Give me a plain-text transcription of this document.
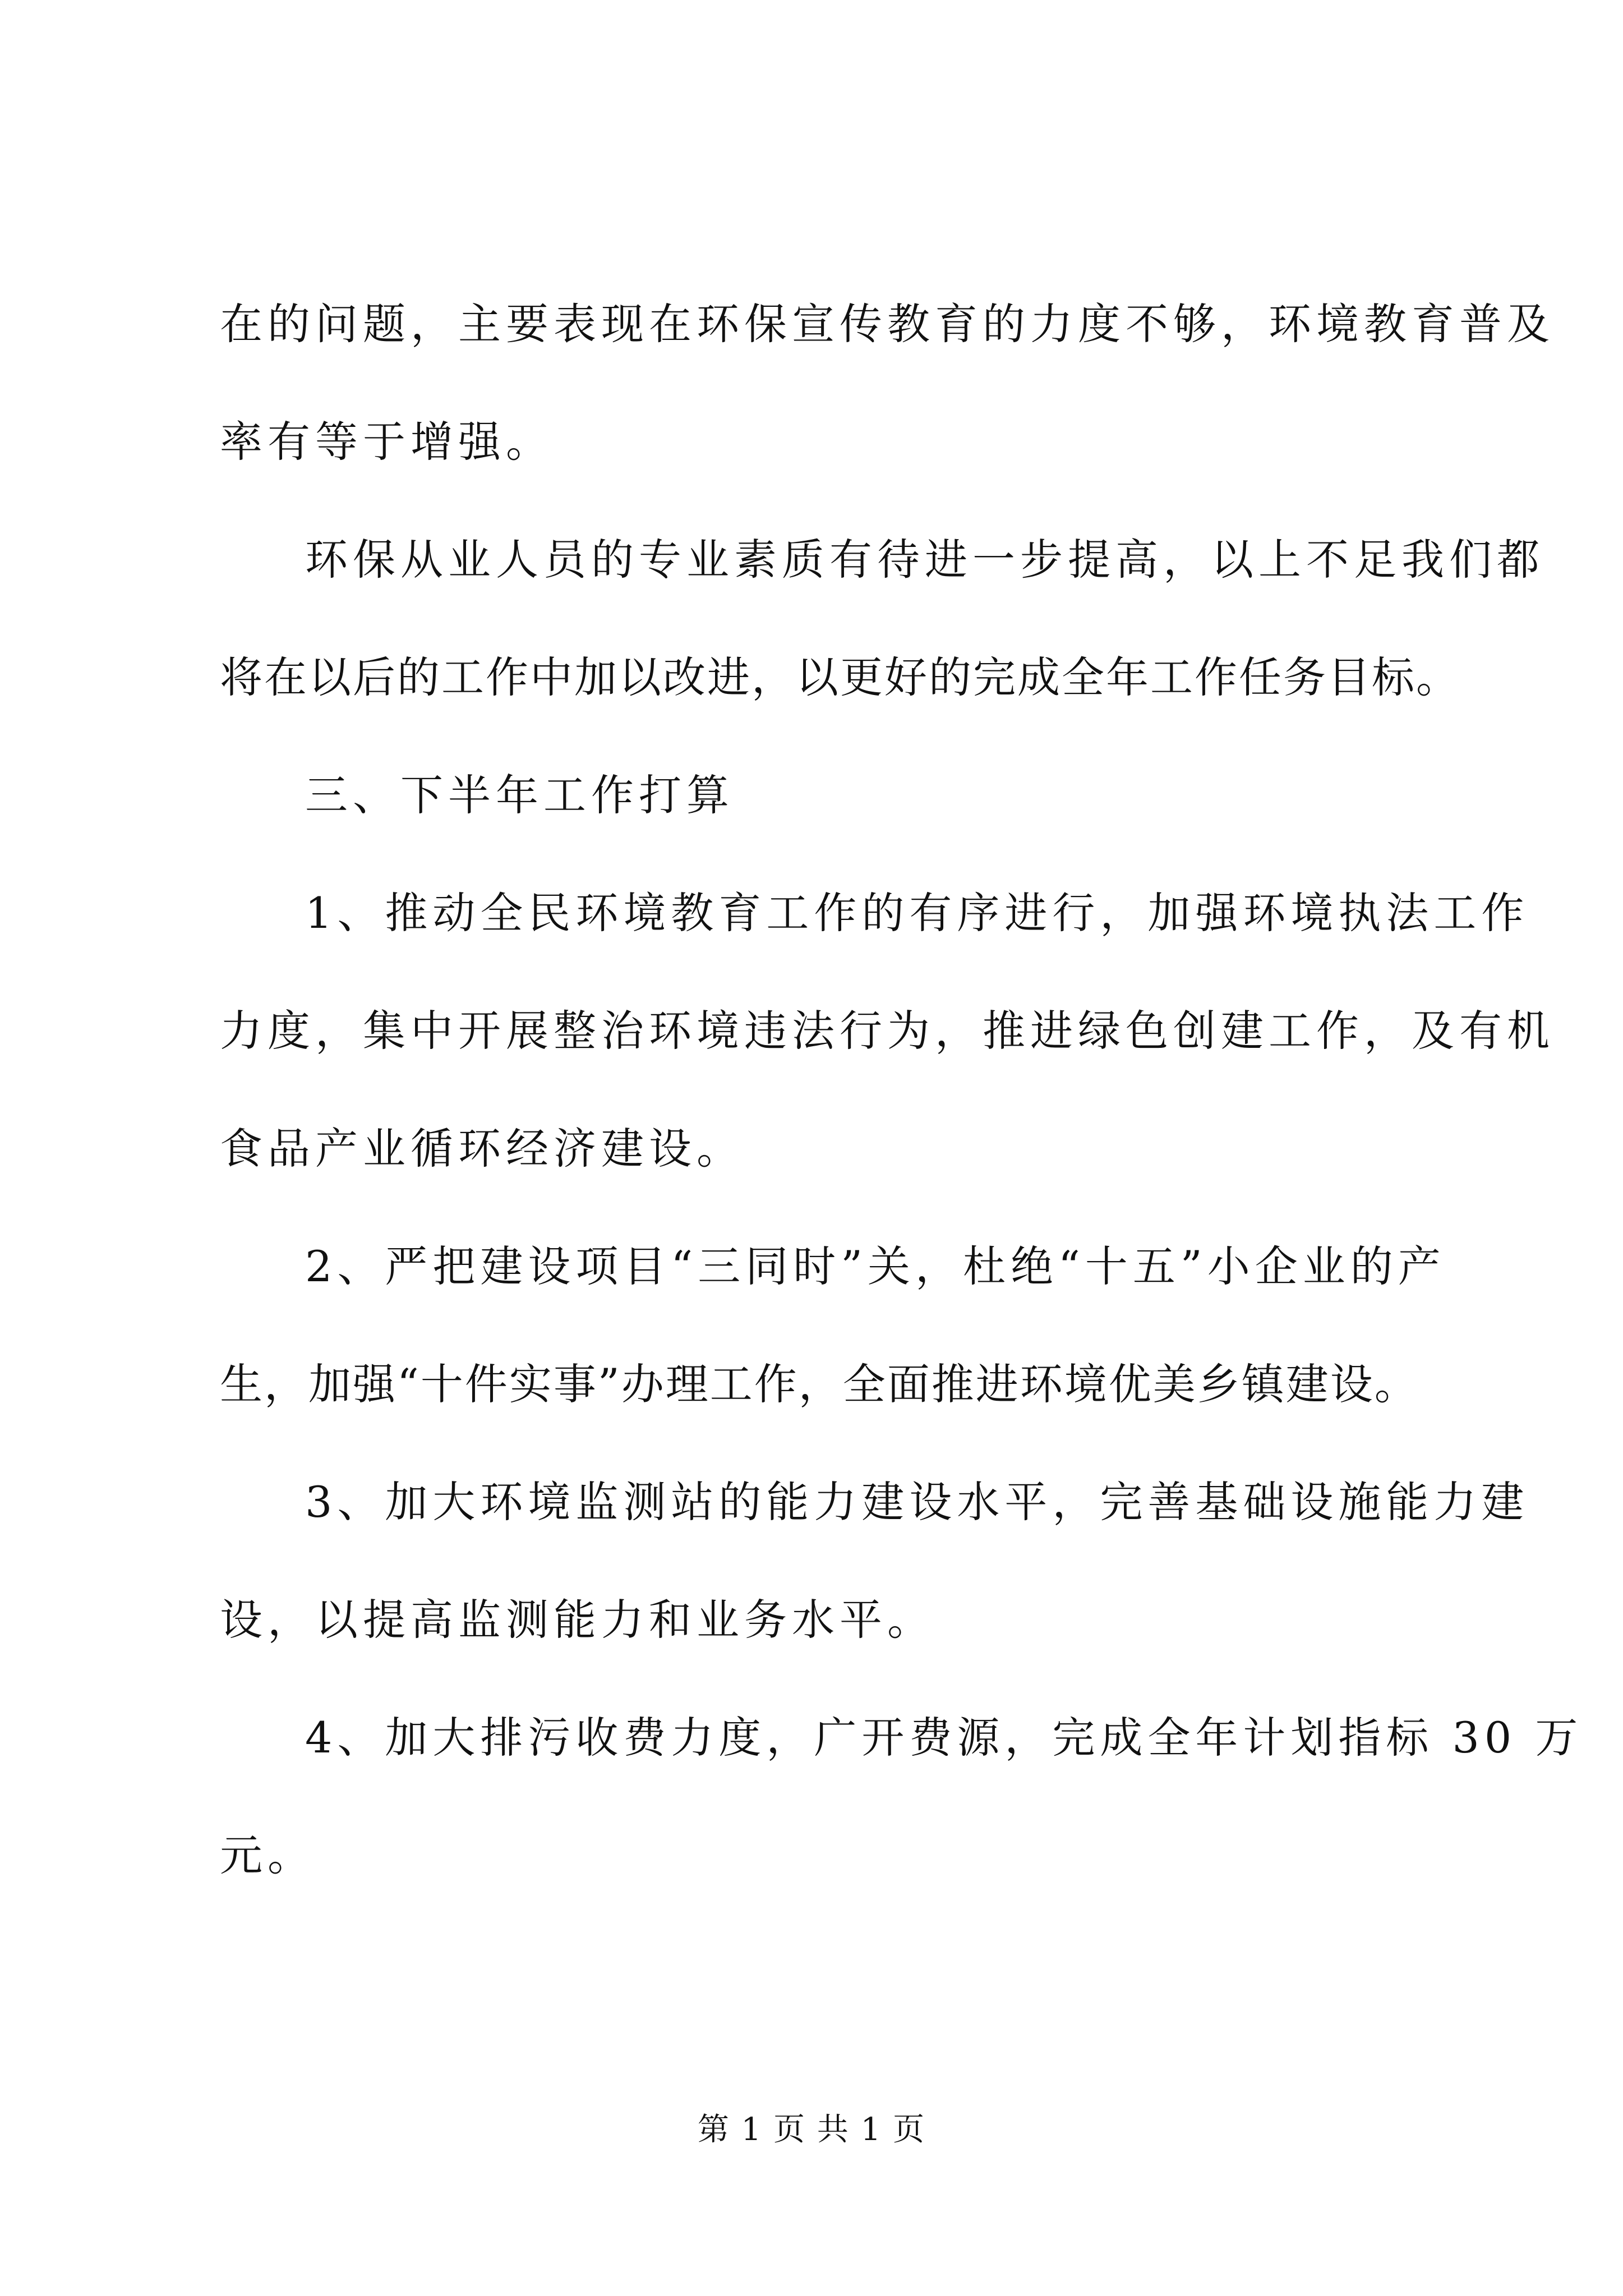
在的问题，主要表现在环保宣传教育的力度不够，环境教育普及
率有等于增强。
环保从业人员的专业素质有待进一步提高，以上不足我们都
将在以后的工作中加以改进，以更好的完成全年工作任务目标。
三、下半年工作打算
1、推动全民环境教育工作的有序进行，加强环境执法工作
力度，集中开展整治环境违法行为，推进绿色创建工作，及有机
食品产业循环经济建设。
2、严把建设项目“三同时”关，杜绝“十五”小企业的产
生，加强“十件实事”办理工作，全面推进环境优美乡镇建设。
3、加大环境监测站的能力建设水平，完善基础设施能力建
设，以提高监测能力和业务水平。
4、加大排污收费力度，广开费源，完成全年计划指标 30 万
元。
第 1 页 共 1 页
